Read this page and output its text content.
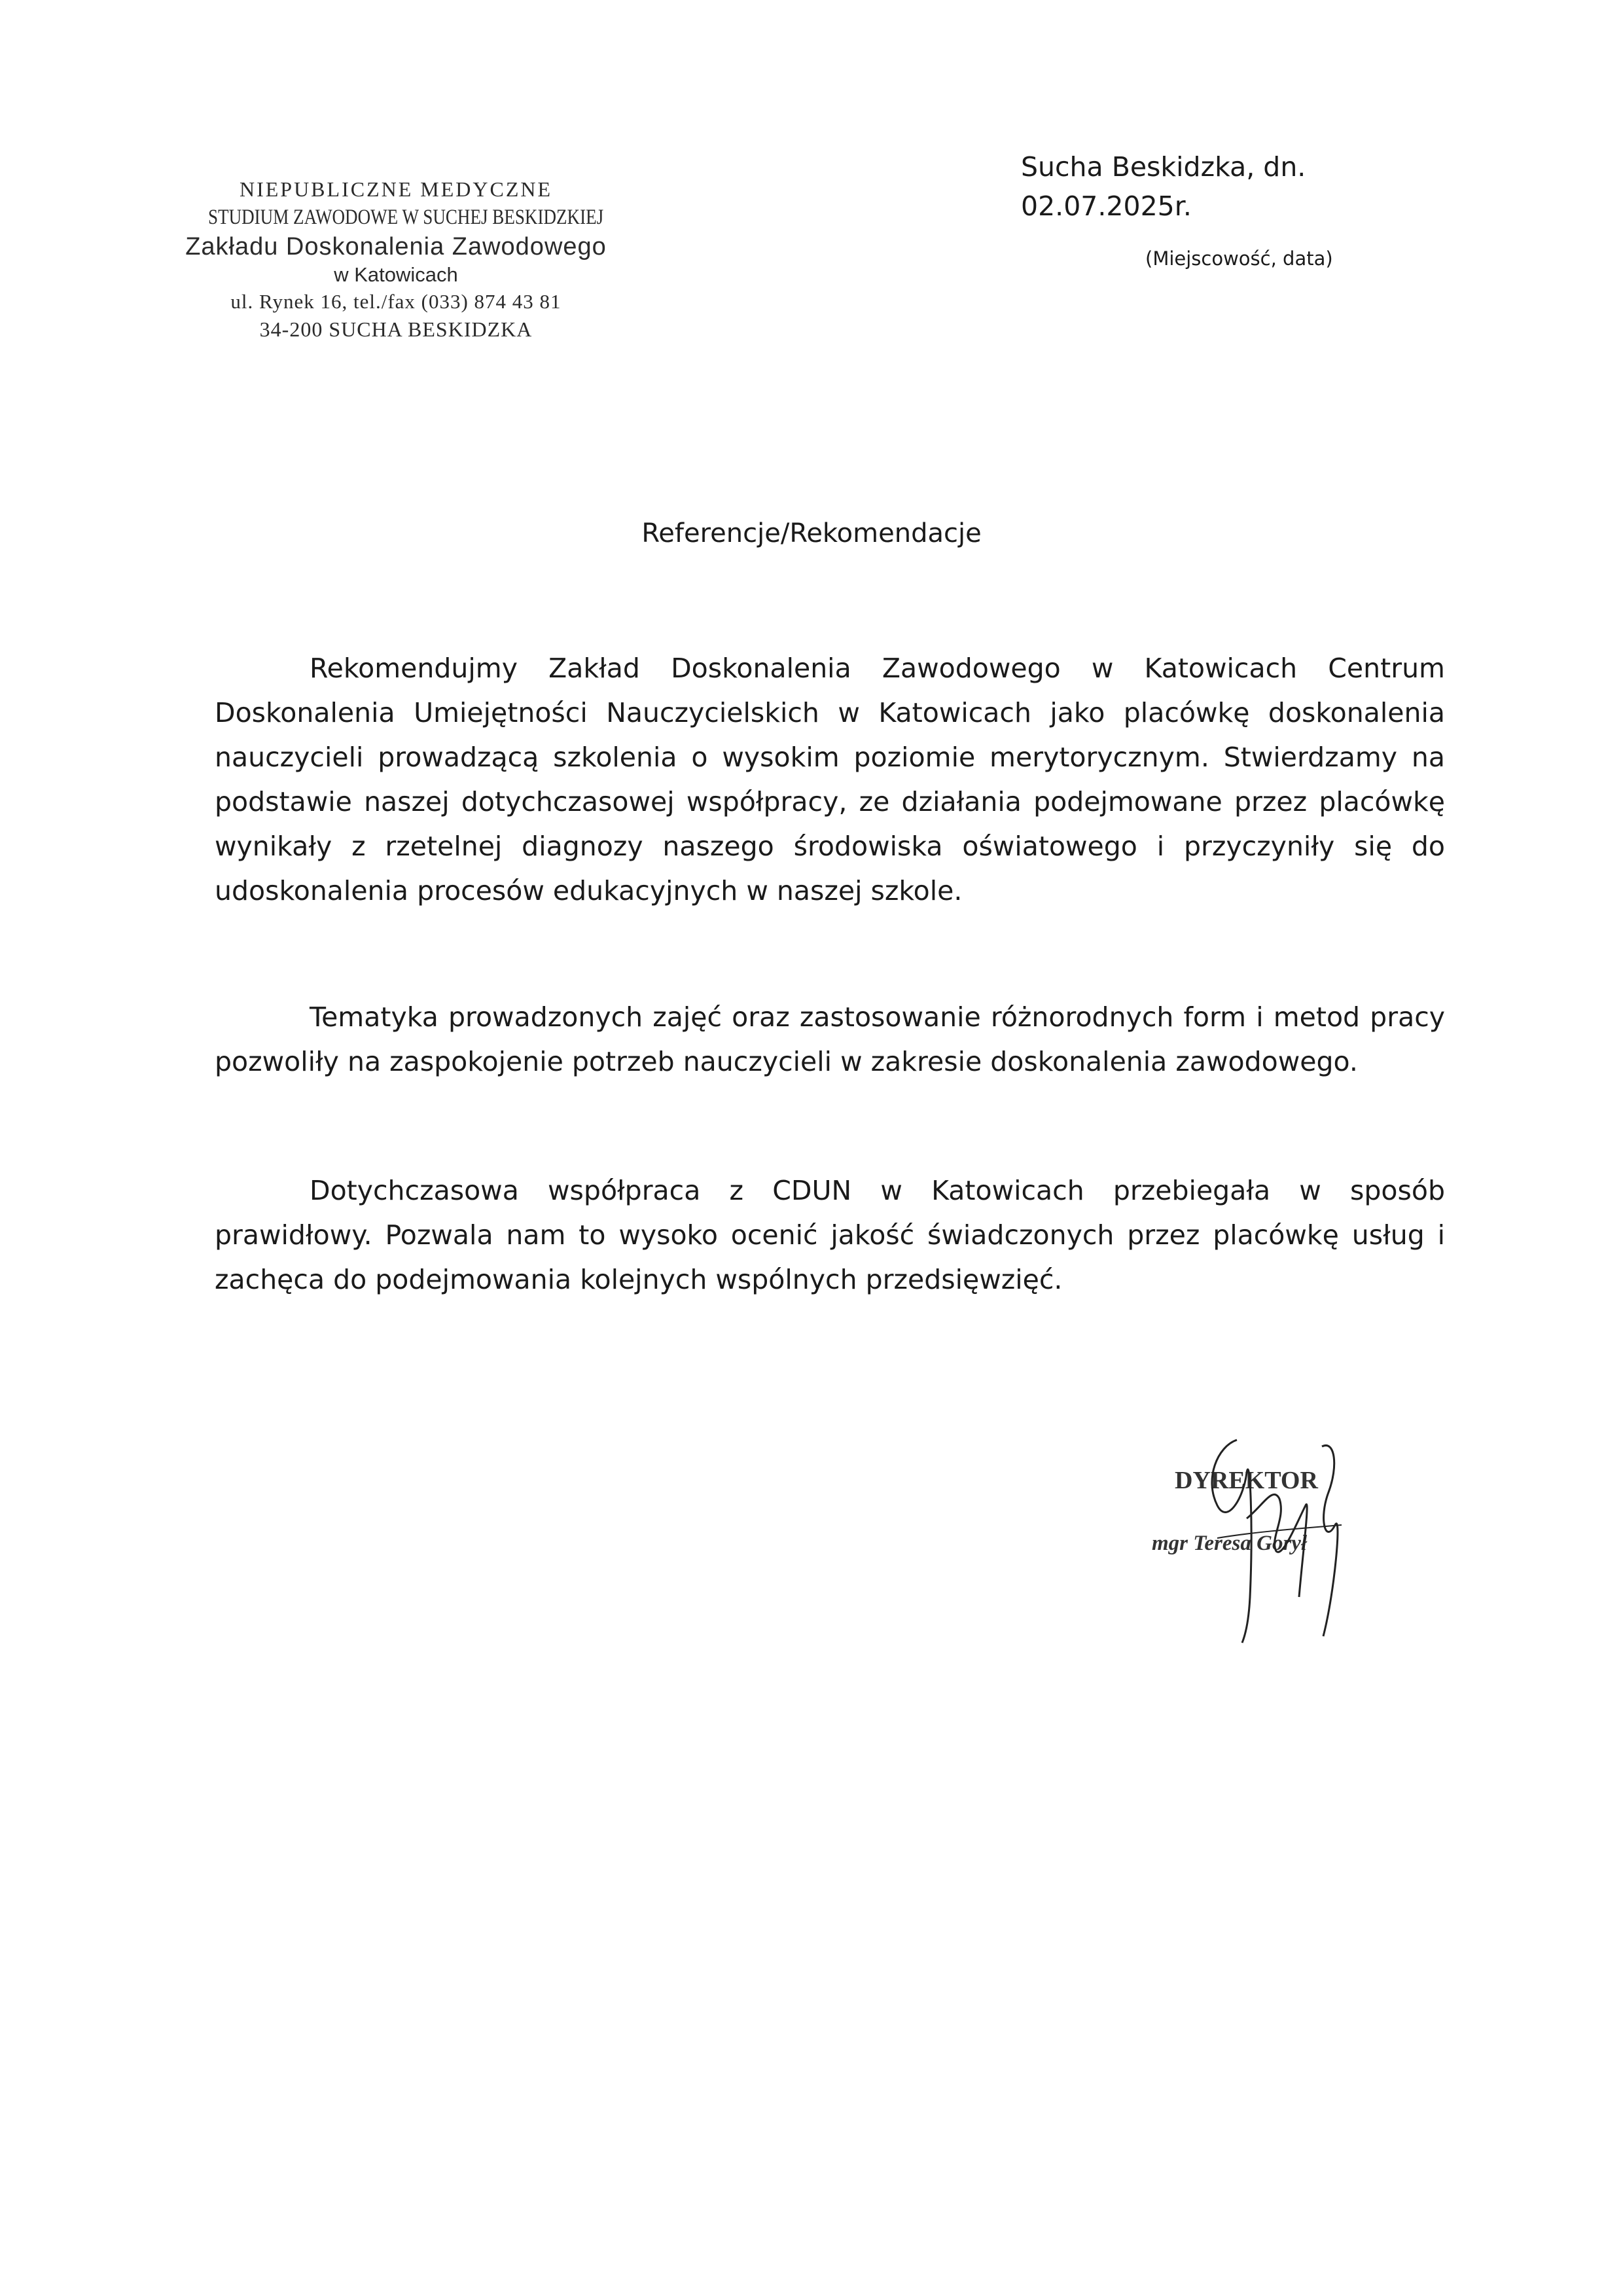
NIEPUBLICZNE MEDYCZNE
STUDIUM ZAWODOWE W SUCHEJ BESKIDZKIEJ
Zakładu Doskonalenia Zawodowego
w Katowicach
ul. Rynek 16, tel./fax (033) 874 43 81
34-200 SUCHA BESKIDZKA
Sucha Beskidzka, dn. 02.07.2025r.
(Miejscowość, data)
Referencje/Rekomendacje

Rekomendujmy Zakład Doskonalenia Zawodowego w Katowicach Centrum Doskonalenia Umiejętności Nauczycielskich w Katowicach jako placówkę doskonalenia nauczycieli prowadzącą szkolenia o wysokim poziomie merytorycznym. Stwierdzamy na podstawie naszej dotychczasowej współpracy, ze działania podejmowane przez placówkę wynikały z rzetelnej diagnozy naszego środowiska oświatowego i przyczyniły się do udoskonalenia procesów edukacyjnych w naszej szkole.

Tematyka prowadzonych zajęć oraz zastosowanie różnorodnych form i metod pracy pozwoliły na zaspokojenie potrzeb nauczycieli w zakresie doskonalenia zawodowego.

Dotychczasowa współpraca z CDUN w Katowicach przebiegała w sposób prawidłowy. Pozwala nam to wysoko ocenić jakość świadczonych przez placówkę usług i zachęca do podejmowania kolejnych wspólnych przedsięwzięć.

DYREKTOR
mgr Teresa Gorył
